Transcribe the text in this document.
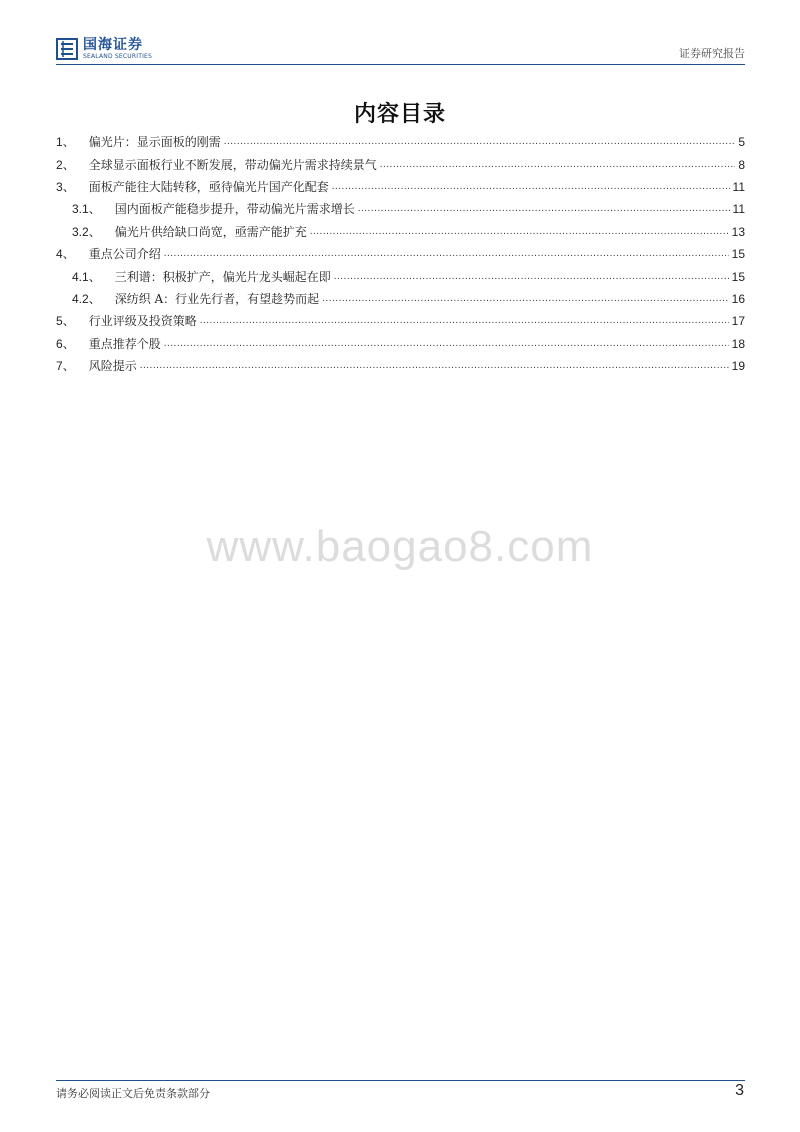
国海证券
SEALAND SECURITIES	证券研究报告
内容目录
1 、 偏光片：显示面板的刚需 .....	5
2 、 全球显示面板行业不断发展，带动偏光片需求持续景气 .....	8
3 、 面板产能往大陆转移，亟待偏光片国产化配套 .....	11
3.1 、 国内面板产能稳步提升，带动偏光片需求增长 .....	11
3.2 、 偏光片供给缺口尚宽，亟需产能扩充 .....	13
4 、 重点公司介绍 .....	15
4.1 、 三利谱：积极扩产，偏光片龙头崛起在即 .....	15
4.2 、 深纺织 A：行业先行者，有望趁势而起 .....	16
5 、 行业评级及投资策略 .....	17
6 、 重点推荐个股 .....	18
7 、 风险提示 .....	19
www.baogao8.com
请务必阅读正文后免责条款部分	3
